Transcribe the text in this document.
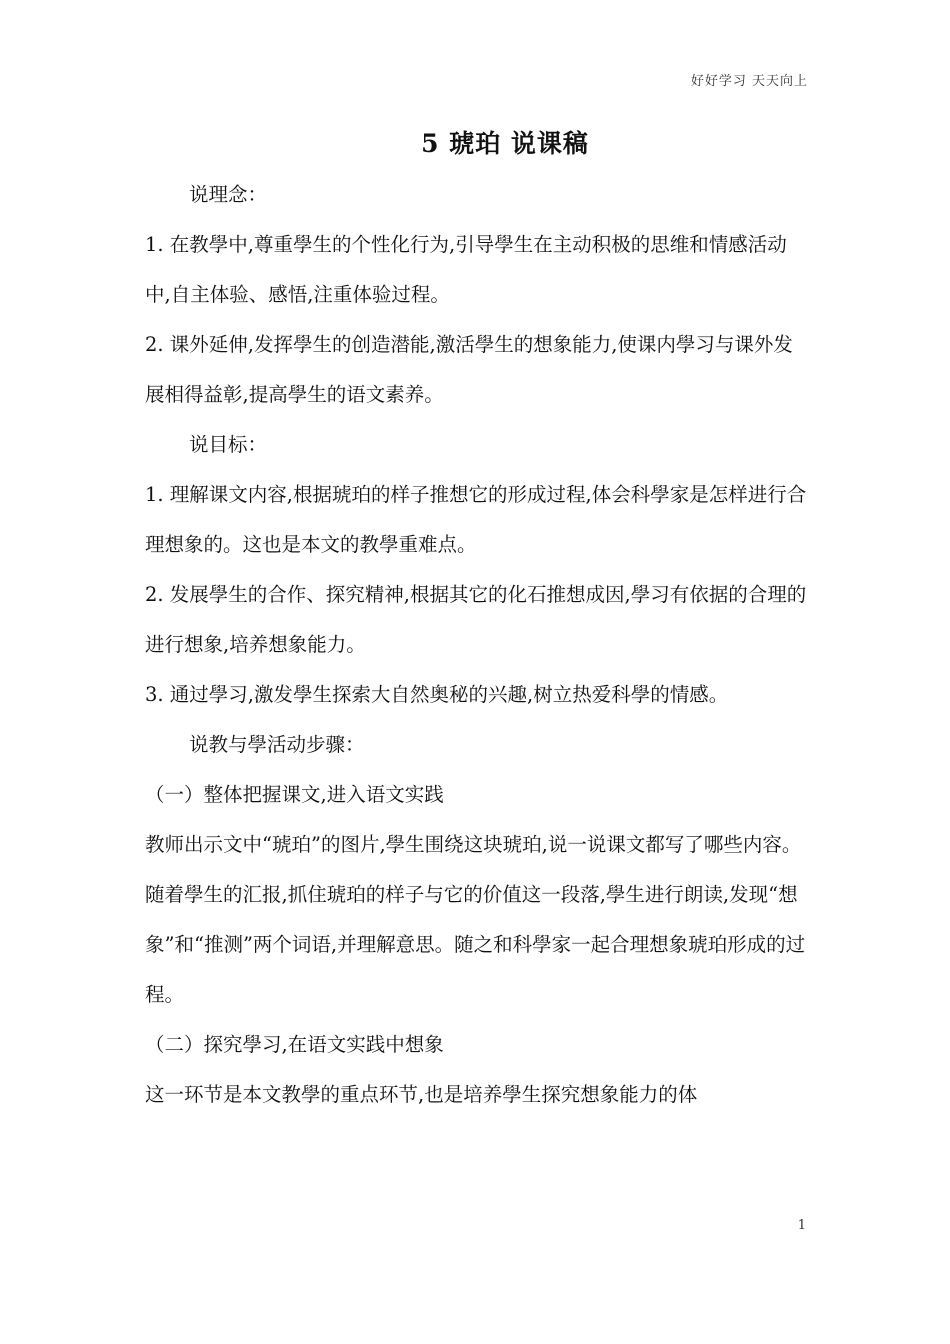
好好学习 天天向上
5 琥珀 说课稿

说理念：

1. 在教學中,尊重學生的个性化行为,引导學生在主动积极的思维和情感活动中,自主体验、感悟,注重体验过程。

2. 课外延伸,发挥學生的创造潜能,激活學生的想象能力,使课内學习与课外发展相得益彰,提高學生的语文素养。

说目标：

1. 理解课文内容,根据琥珀的样子推想它的形成过程,体会科學家是怎样进行合理想象的。这也是本文的教學重难点。

2. 发展學生的合作、探究精神,根据其它的化石推想成因,學习有依据的合理的进行想象,培养想象能力。

3. 通过學习,激发學生探索大自然奥秘的兴趣,树立热爱科學的情感。

说教与學活动步骤：

（一）整体把握课文,进入语文实践

教师出示文中“琥珀”的图片,學生围绕这块琥珀,说一说课文都写了哪些内容。

随着學生的汇报,抓住琥珀的样子与它的价值这一段落,學生进行朗读,发现“想象”和“推测”两个词语,并理解意思。随之和科學家一起合理想象琥珀形成的过程。

（二）探究學习,在语文实践中想象

这一环节是本文教學的重点环节,也是培养學生探究想象能力的体

1
